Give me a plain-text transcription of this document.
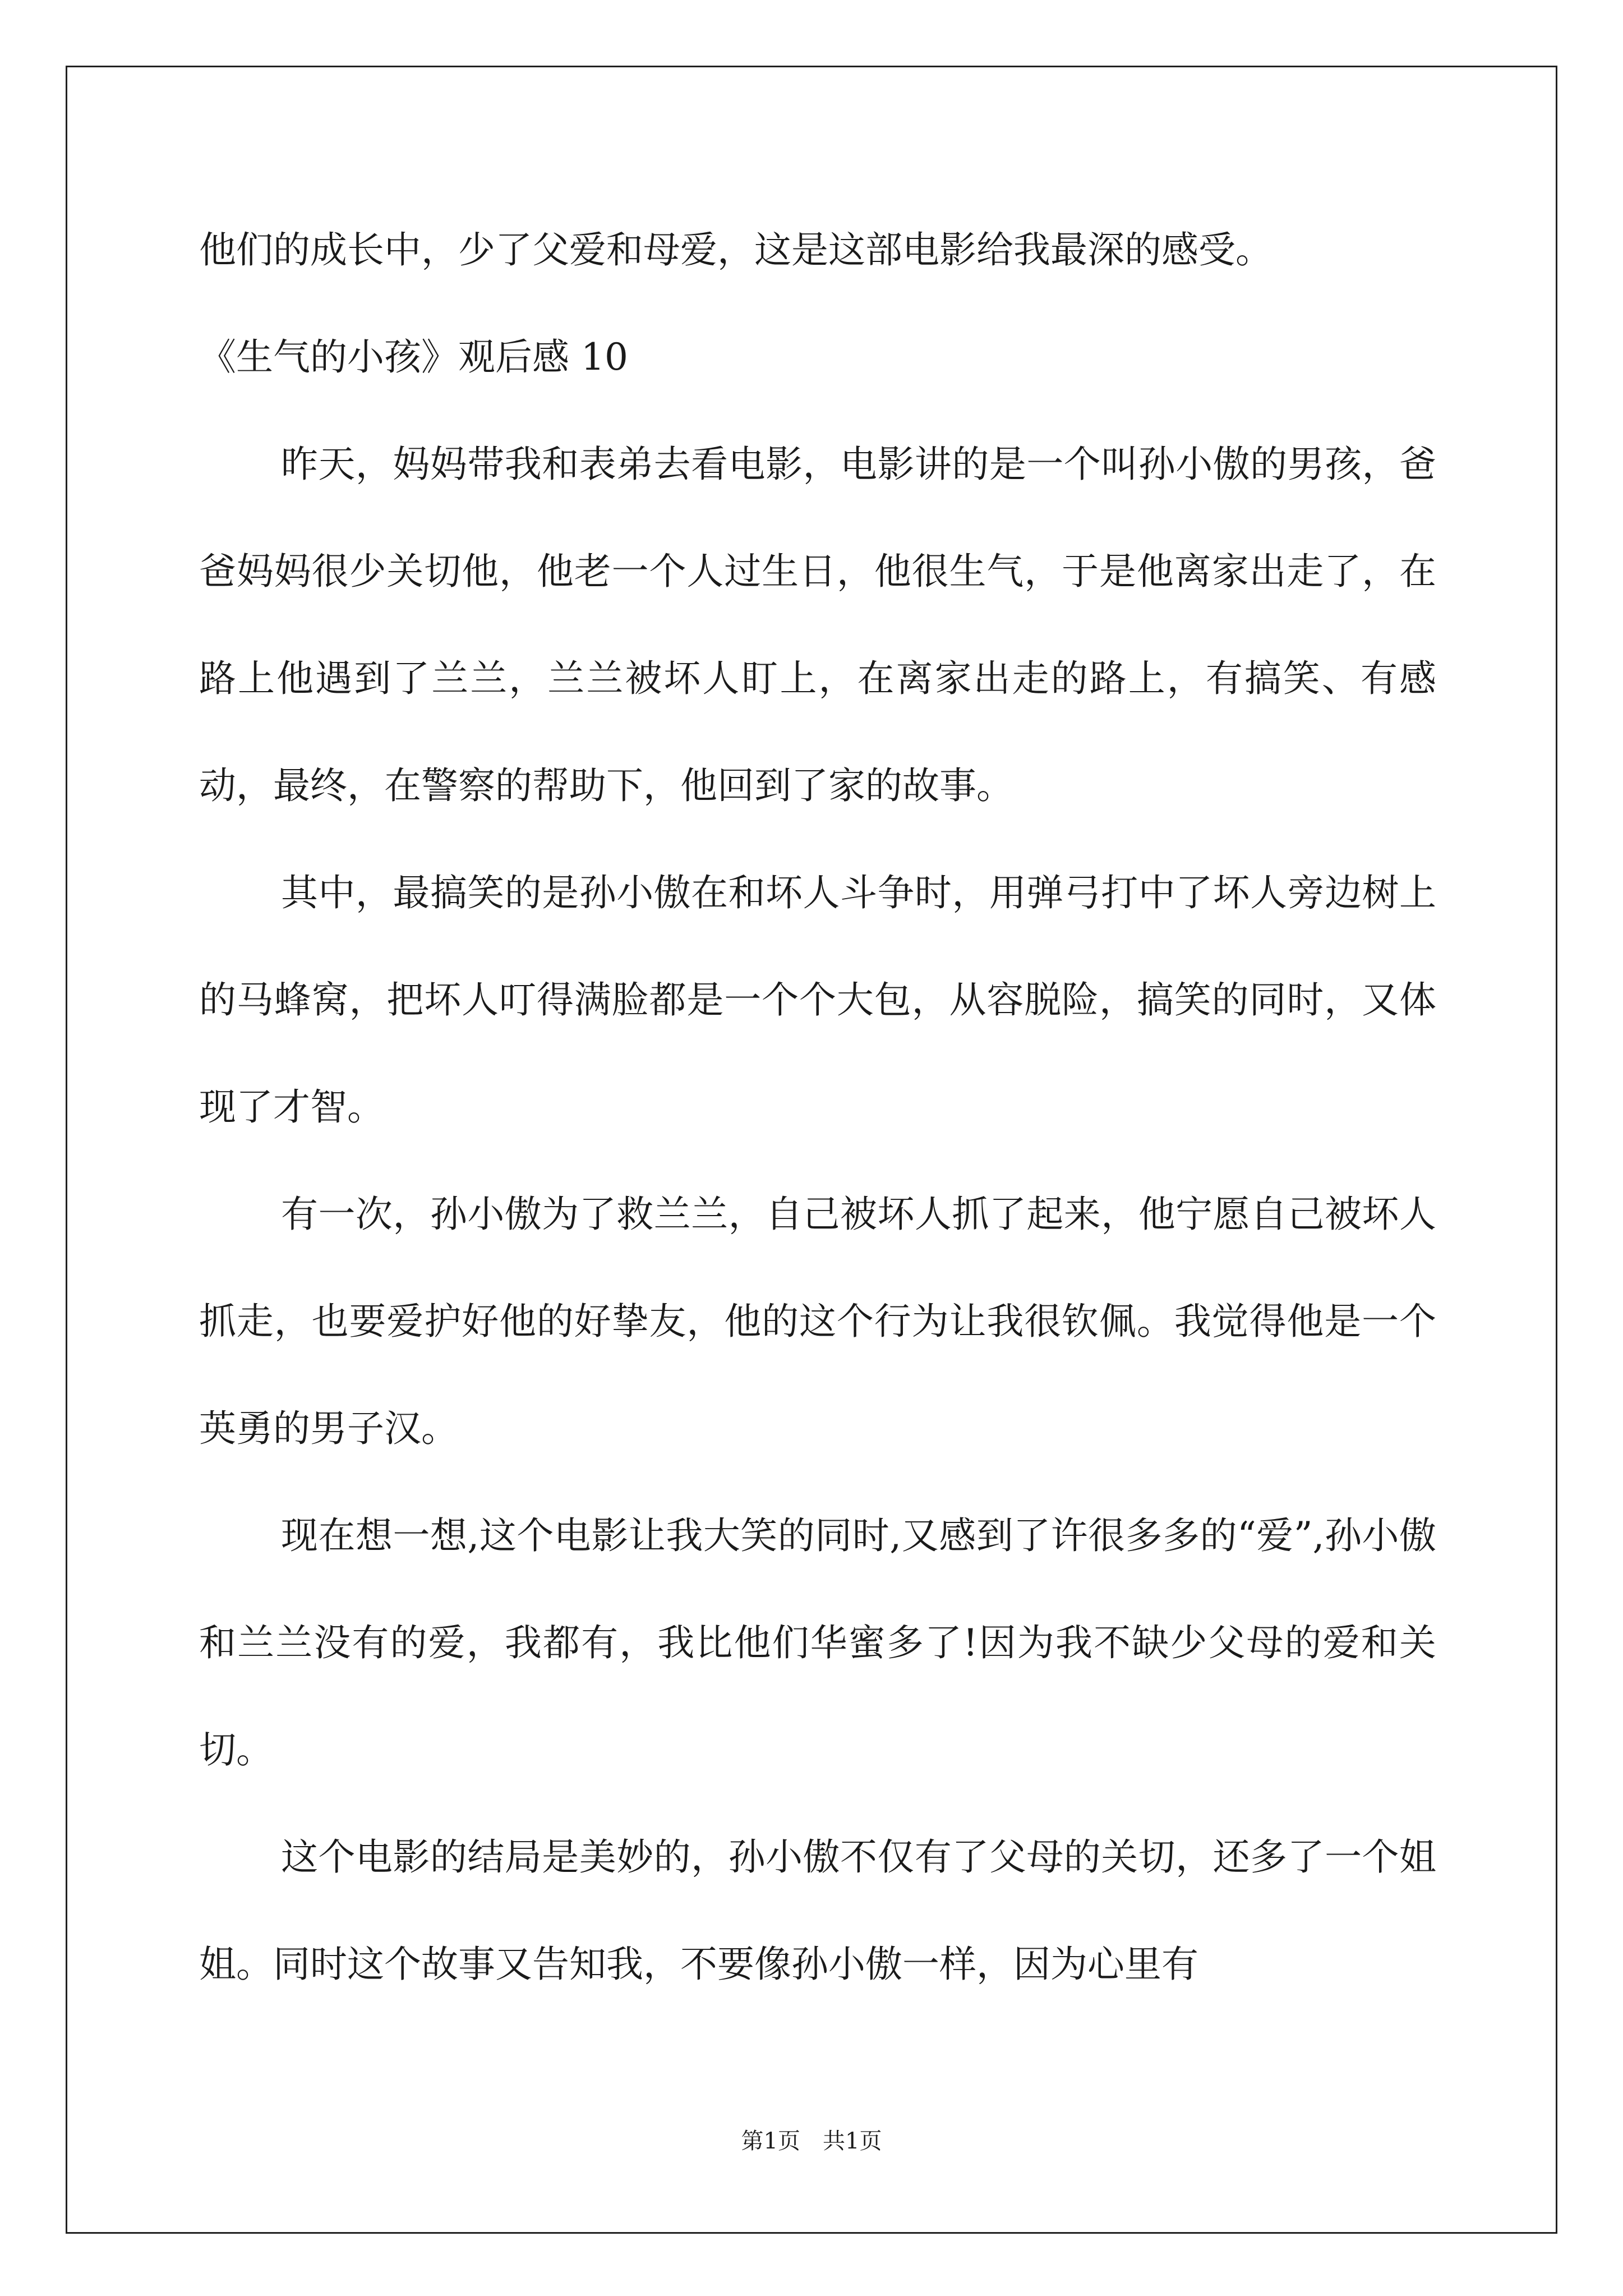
他们的成长中，少了父爱和母爱，这是这部电影给我最深的感受。

《生气的小孩》观后感 10

昨天，妈妈带我和表弟去看电影，电影讲的是一个叫孙小傲的男孩，爸爸妈妈很少关切他，他老一个人过生日，他很生气，于是他离家出走了，在路上他遇到了兰兰，兰兰被坏人盯上，在离家出走的路上，有搞笑、有感动，最终，在警察的帮助下，他回到了家的故事。

其中，最搞笑的是孙小傲在和坏人斗争时，用弹弓打中了坏人旁边树上的马蜂窝，把坏人叮得满脸都是一个个大包，从容脱险，搞笑的同时，又体现了才智。

有一次，孙小傲为了救兰兰，自己被坏人抓了起来，他宁愿自己被坏人抓走，也要爱护好他的好挚友，他的这个行为让我很钦佩。我觉得他是一个英勇的男子汉。

现在想一想,这个电影让我大笑的同时,又感到了许很多多的“爱”,孙小傲和兰兰没有的爱，我都有，我比他们华蜜多了!因为我不缺少父母的爱和关切。

这个电影的结局是美妙的，孙小傲不仅有了父母的关切，还多了一个姐姐。同时这个故事又告知我，不要像孙小傲一样，因为心里有

第1页 共1页
